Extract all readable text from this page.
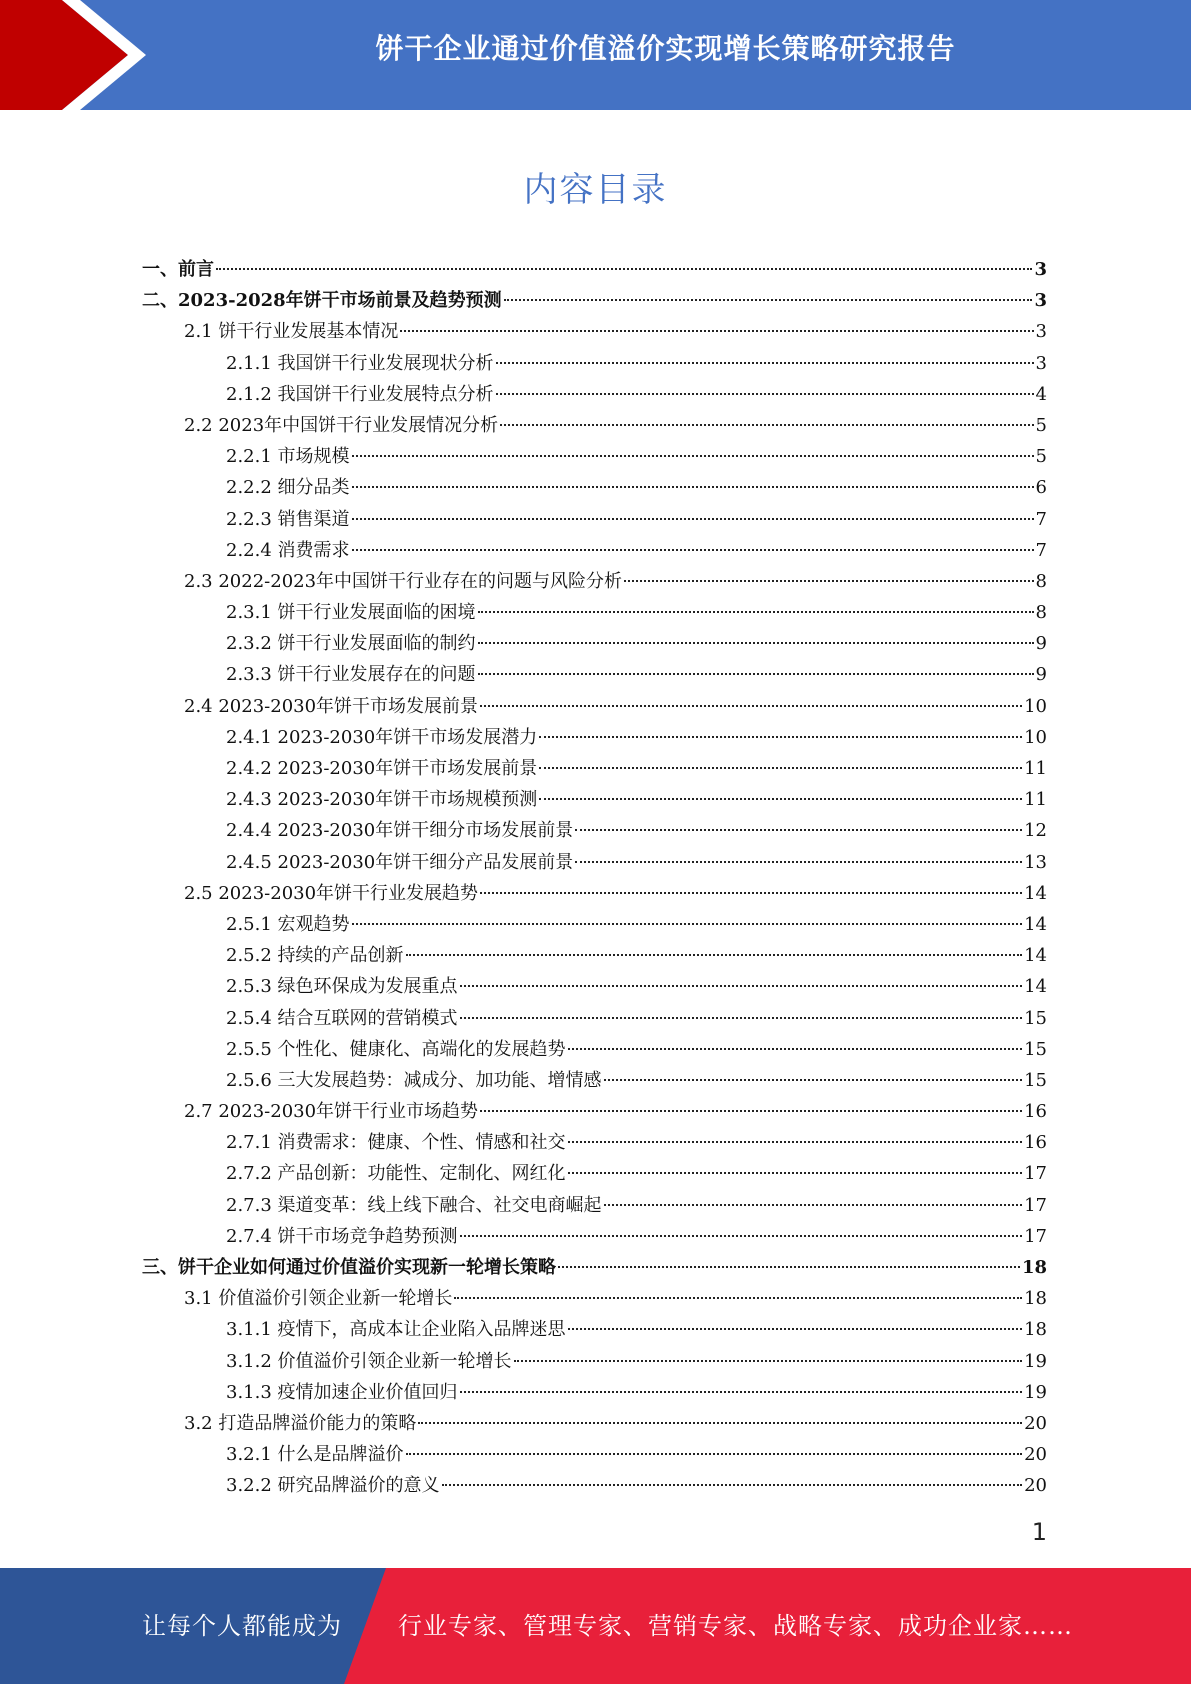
饼干企业通过价值溢价实现增长策略研究报告
内容目录
一、前言	3
二、2023-2028年饼干市场前景及趋势预测	3
2.1 饼干行业发展基本情况	3
2.1.1 我国饼干行业发展现状分析	3
2.1.2 我国饼干行业发展特点分析	4
2.2 2023年中国饼干行业发展情况分析	5
2.2.1 市场规模	5
2.2.2 细分品类	6
2.2.3 销售渠道	7
2.2.4 消费需求	7
2.3 2022-2023年中国饼干行业存在的问题与风险分析	8
2.3.1 饼干行业发展面临的困境	8
2.3.2 饼干行业发展面临的制约	9
2.3.3 饼干行业发展存在的问题	9
2.4 2023-2030年饼干市场发展前景	10
2.4.1 2023-2030年饼干市场发展潜力	10
2.4.2 2023-2030年饼干市场发展前景	11
2.4.3 2023-2030年饼干市场规模预测	11
2.4.4 2023-2030年饼干细分市场发展前景	12
2.4.5 2023-2030年饼干细分产品发展前景	13
2.5 2023-2030年饼干行业发展趋势	14
2.5.1 宏观趋势	14
2.5.2 持续的产品创新	14
2.5.3 绿色环保成为发展重点	14
2.5.4 结合互联网的营销模式	15
2.5.5 个性化、健康化、高端化的发展趋势	15
2.5.6 三大发展趋势：减成分、加功能、增情感	15
2.7 2023-2030年饼干行业市场趋势	16
2.7.1 消费需求：健康、个性、情感和社交	16
2.7.2 产品创新：功能性、定制化、网红化	17
2.7.3 渠道变革：线上线下融合、社交电商崛起	17
2.7.4 饼干市场竞争趋势预测	17
三、饼干企业如何通过价值溢价实现新一轮增长策略	18
3.1 价值溢价引领企业新一轮增长	18
3.1.1 疫情下，高成本让企业陷入品牌迷思	18
3.1.2 价值溢价引领企业新一轮增长	19
3.1.3 疫情加速企业价值回归	19
3.2 打造品牌溢价能力的策略	20
3.2.1 什么是品牌溢价	20
3.2.2 研究品牌溢价的意义	20
1
让每个人都能成为 行业专家、管理专家、营销专家、战略专家、成功企业家……
